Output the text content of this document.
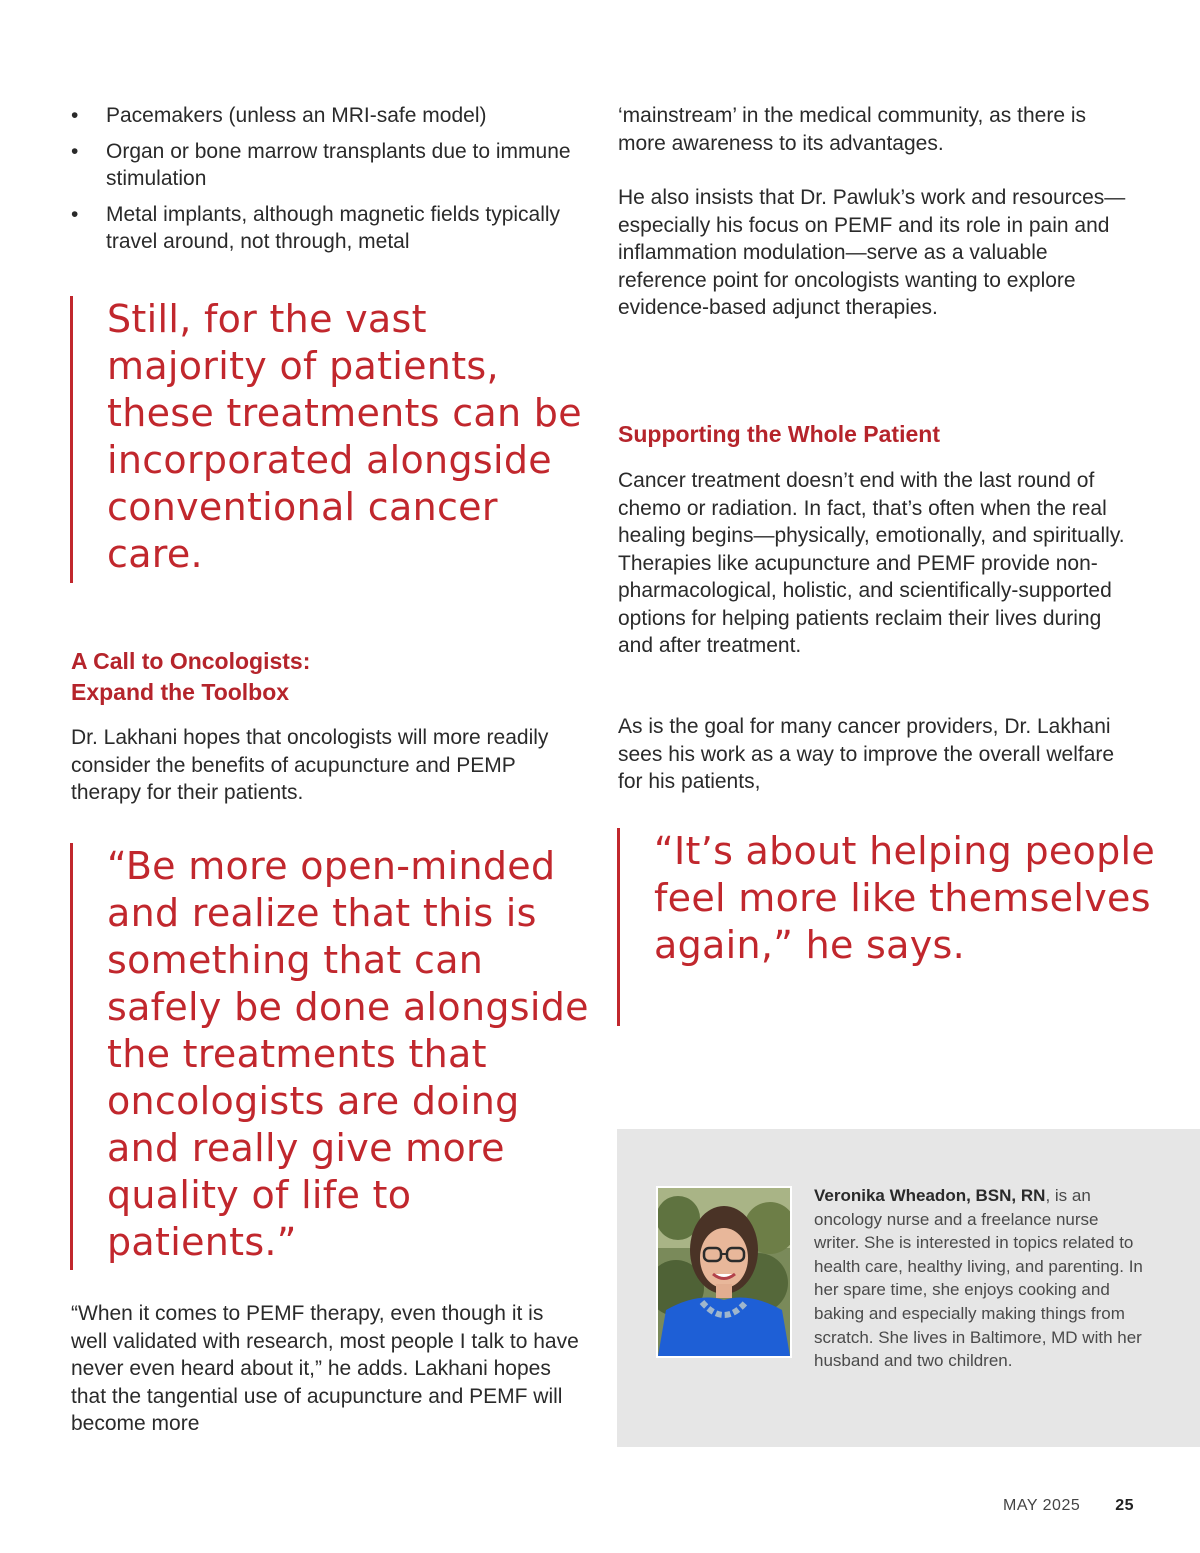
• Pacemakers (unless an MRI-safe model)
• Organ or bone marrow transplants due to immune stimulation
• Metal implants, although magnetic fields typically travel around, not through, metal

Still, for the vast majority of patients, these treatments can be incorporated alongside conventional cancer care.

A Call to Oncologists:
Expand the Toolbox

Dr. Lakhani hopes that oncologists will more readily consider the benefits of acupuncture and PEMP therapy for their patients.

“Be more open-minded and realize that this is something that can safely be done alongside the treatments that oncologists are doing and really give more quality of life to patients.”

“When it comes to PEMF therapy, even though it is well validated with research, most people I talk to have never even heard about it,” he adds. Lakhani hopes that the tangential use of acupuncture and PEMF will become more

‘mainstream’ in the medical community, as there is more awareness to its advantages.

He also insists that Dr. Pawluk’s work and resources—especially his focus on PEMF and its role in pain and inflammation modulation—serve as a valuable reference point for oncologists wanting to explore evidence-based adjunct therapies.

Supporting the Whole Patient

Cancer treatment doesn’t end with the last round of chemo or radiation. In fact, that’s often when the real healing begins—physically, emotionally, and spiritually. Therapies like acupuncture and PEMF provide non-pharmacological, holistic, and scientifically-supported options for helping patients reclaim their lives during and after treatment.

As is the goal for many cancer providers, Dr. Lakhani sees his work as a way to improve the overall welfare for his patients,

“It’s about helping people feel more like themselves again,” he says.

Veronika Wheadon, BSN, RN, is an oncology nurse and a freelance nurse writer. She is interested in topics related to health care, healthy living, and parenting. In her spare time, she enjoys cooking and baking and especially making things from scratch. She lives in Baltimore, MD with her husband and two children.

MAY 2025 25
